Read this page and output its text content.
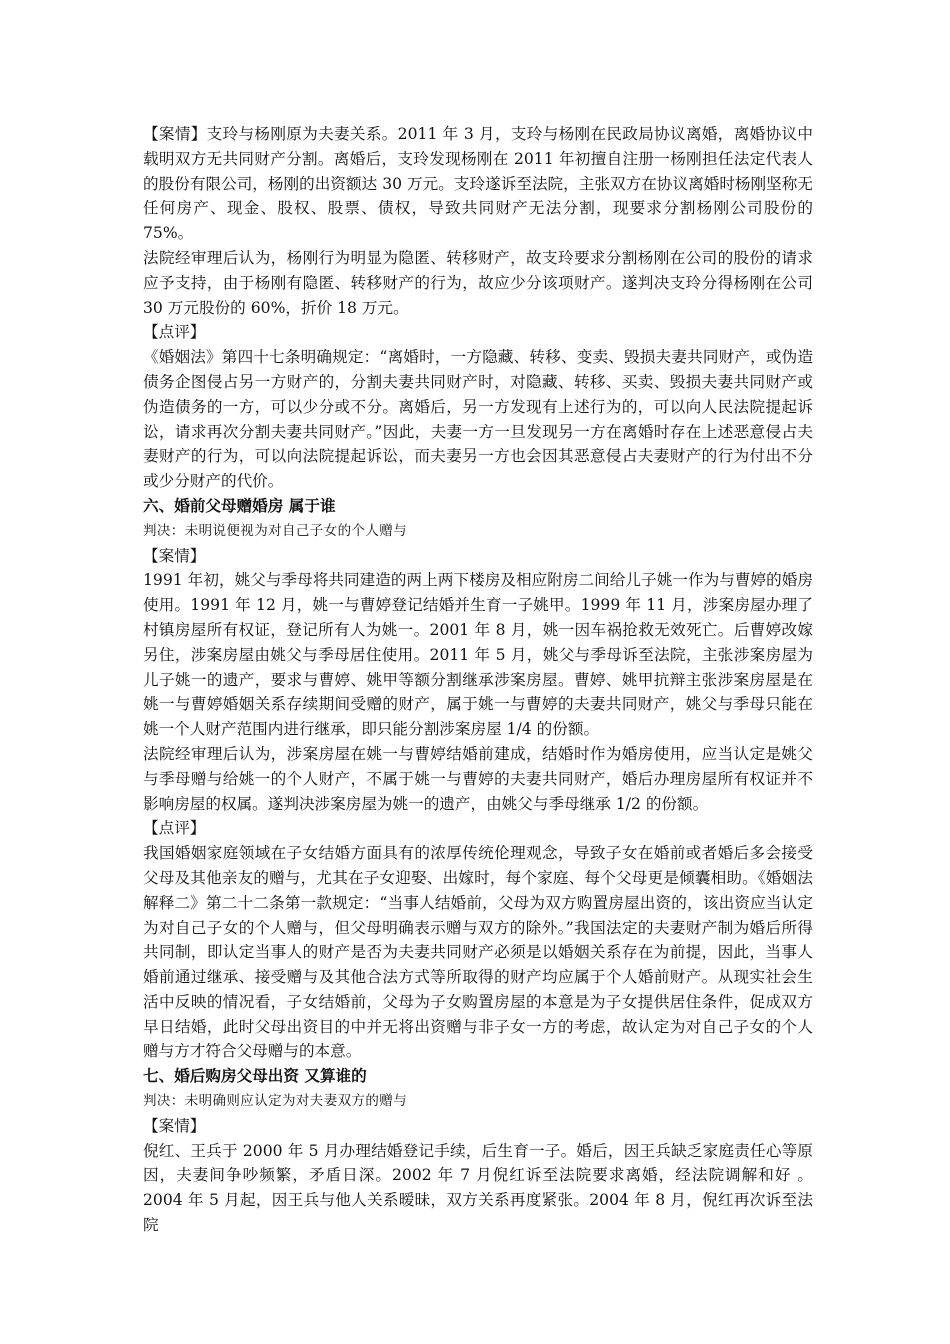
【案情】支玲与杨刚原为夫妻关系。2011 年 3 月，支玲与杨刚在民政局协议离婚，离婚协议中载明双方无共同财产分割。离婚后，支玲发现杨刚在 2011 年初擅自注册一杨刚担任法定代表人的股份有限公司，杨刚的出资额达 30 万元。支玲遂诉至法院，主张双方在协议离婚时杨刚坚称无任何房产、现金、股权、股票、债权，导致共同财产无法分割，现要求分割杨刚公司股份的 75%。

法院经审理后认为，杨刚行为明显为隐匿、转移财产，故支玲要求分割杨刚在公司的股份的请求应予支持，由于杨刚有隐匿、转移财产的行为，故应少分该项财产。遂判决支玲分得杨刚在公司 30 万元股份的 60%，折价 18 万元。

【点评】

《婚姻法》第四十七条明确规定：“离婚时，一方隐藏、转移、变卖、毁损夫妻共同财产，或伪造债务企图侵占另一方财产的，分割夫妻共同财产时，对隐藏、转移、买卖、毁损夫妻共同财产或伪造债务的一方，可以少分或不分。离婚后，另一方发现有上述行为的，可以向人民法院提起诉讼，请求再次分割夫妻共同财产。”因此，夫妻一方一旦发现另一方在离婚时存在上述恶意侵占夫妻财产的行为，可以向法院提起诉讼，而夫妻另一方也会因其恶意侵占夫妻财产的行为付出不分或少分财产的代价。

六、婚前父母赠婚房 属于谁

判决：未明说便视为对自己子女的个人赠与

【案情】

1991 年初，姚父与季母将共同建造的两上两下楼房及相应附房二间给儿子姚一作为与曹婷的婚房使用。1991 年 12 月，姚一与曹婷登记结婚并生育一子姚甲。1999 年 11 月，涉案房屋办理了村镇房屋所有权证，登记所有人为姚一。2001 年 8 月，姚一因车祸抢救无效死亡。后曹婷改嫁另住，涉案房屋由姚父与季母居住使用。2011 年 5 月，姚父与季母诉至法院，主张涉案房屋为儿子姚一的遗产，要求与曹婷、姚甲等额分割继承涉案房屋。曹婷、姚甲抗辩主张涉案房屋是在姚一与曹婷婚姻关系存续期间受赠的财产，属于姚一与曹婷的夫妻共同财产，姚父与季母只能在姚一个人财产范围内进行继承，即只能分割涉案房屋 1/4 的份额。

法院经审理后认为，涉案房屋在姚一与曹婷结婚前建成，结婚时作为婚房使用，应当认定是姚父与季母赠与给姚一的个人财产，不属于姚一与曹婷的夫妻共同财产，婚后办理房屋所有权证并不影响房屋的权属。遂判决涉案房屋为姚一的遗产，由姚父与季母继承 1/2 的份额。

【点评】

我国婚姻家庭领域在子女结婚方面具有的浓厚传统伦理观念，导致子女在婚前或者婚后多会接受父母及其他亲友的赠与，尤其在子女迎娶、出嫁时，每个家庭、每个父母更是倾囊相助。《婚姻法解释二》第二十二条第一款规定：“当事人结婚前，父母为双方购置房屋出资的，该出资应当认定为对自己子女的个人赠与，但父母明确表示赠与双方的除外。”我国法定的夫妻财产制为婚后所得共同制，即认定当事人的财产是否为夫妻共同财产必须是以婚姻关系存在为前提，因此，当事人婚前通过继承、接受赠与及其他合法方式等所取得的财产均应属于个人婚前财产。从现实社会生活中反映的情况看，子女结婚前，父母为子女购置房屋的本意是为子女提供居住条件，促成双方早日结婚，此时父母出资目的中并无将出资赠与非子女一方的考虑，故认定为对自己子女的个人赠与方才符合父母赠与的本意。

七、婚后购房父母出资 又算谁的

判决：未明确则应认定为对夫妻双方的赠与

【案情】

倪红、王兵于 2000 年 5 月办理结婚登记手续，后生育一子。婚后，因王兵缺乏家庭责任心等原因，夫妻间争吵频繁，矛盾日深。2002 年 7 月倪红诉至法院要求离婚，经法院调解和好 。2004 年 5 月起，因王兵与他人关系暧昧，双方关系再度紧张。2004 年 8 月，倪红再次诉至法院
